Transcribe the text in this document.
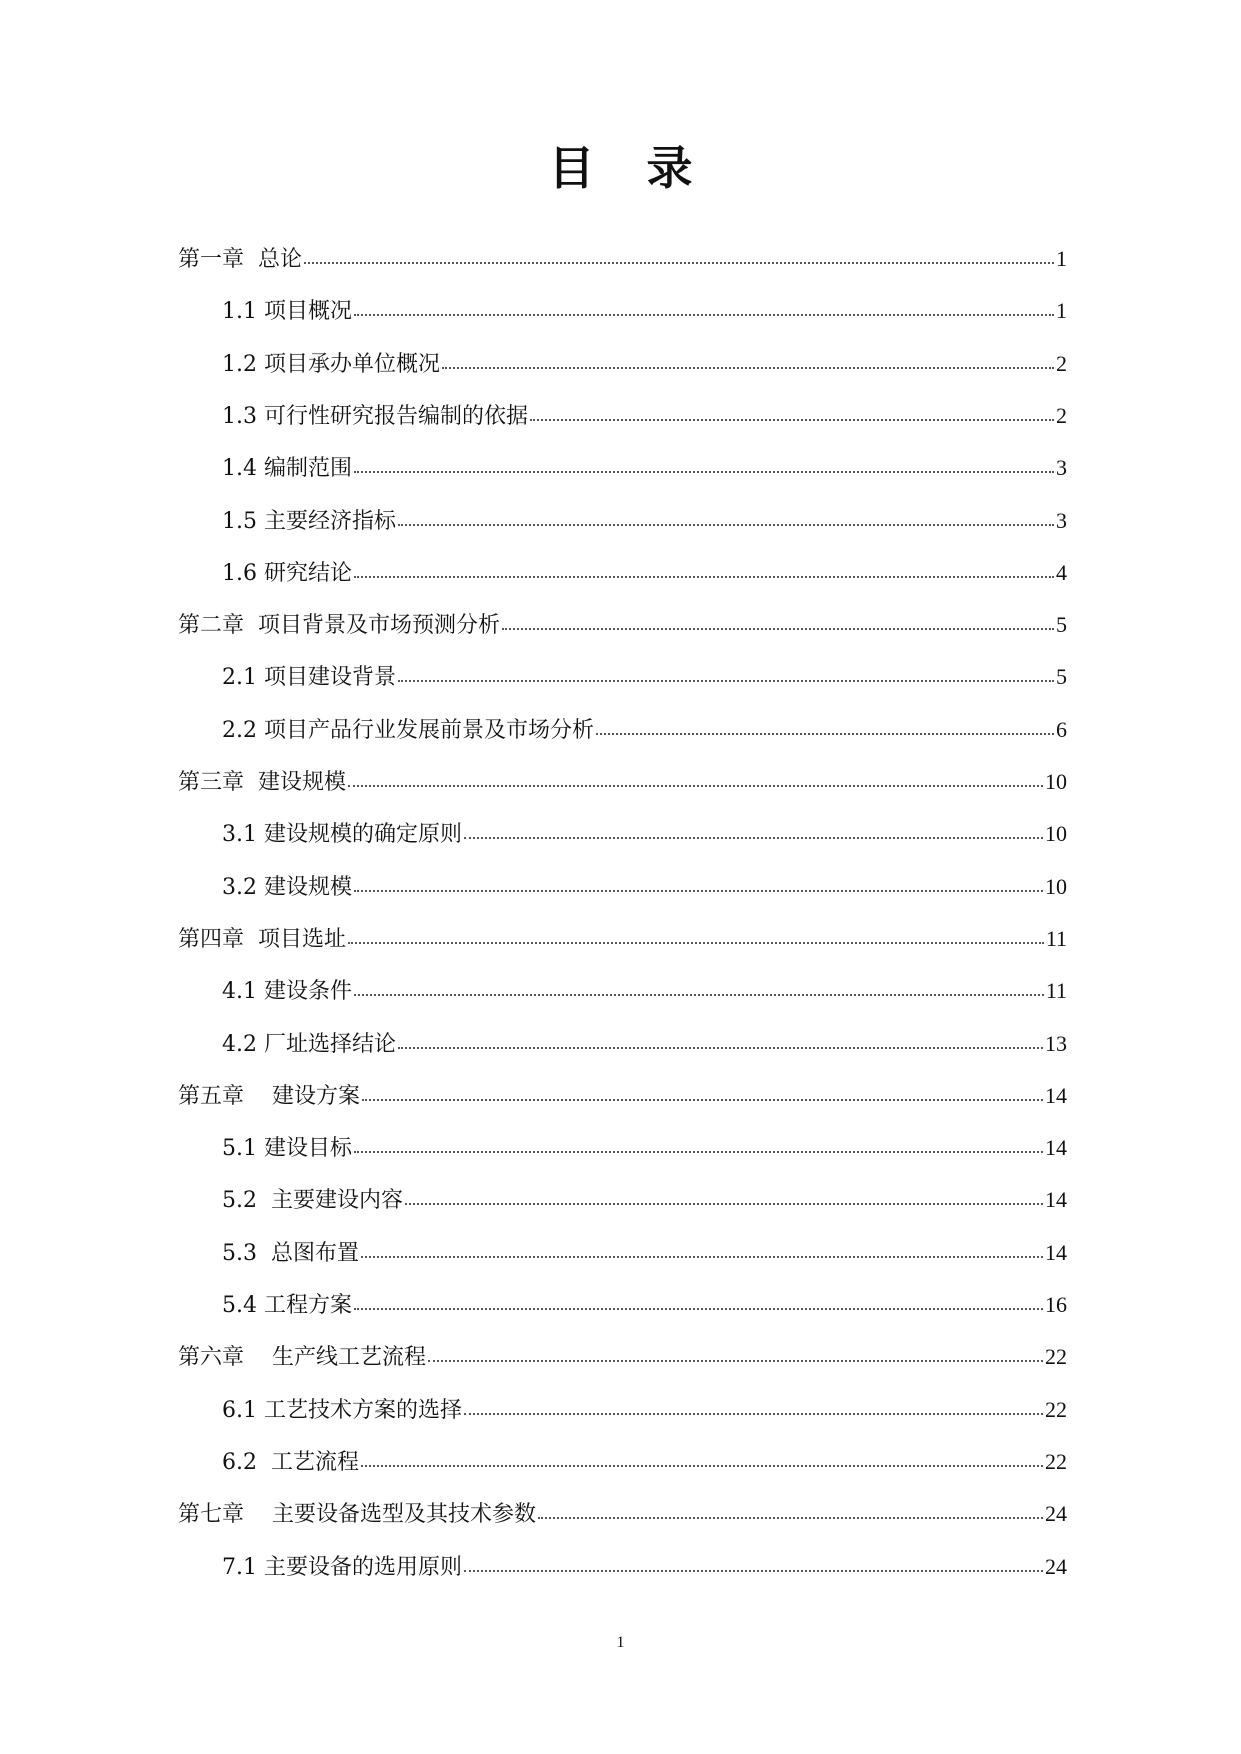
目录
第一章  总论	1
1.1 项目概况	1
1.2 项目承办单位概况	2
1.3 可行性研究报告编制的依据	2
1.4 编制范围	3
1.5 主要经济指标	3
1.6 研究结论	4
第二章  项目背景及市场预测分析	5
2.1 项目建设背景	5
2.2 项目产品行业发展前景及市场分析	6
第三章  建设规模	10
3.1 建设规模的确定原则	10
3.2 建设规模	10
第四章  项目选址	11
4.1 建设条件	11
4.2 厂址选择结论	13
第五章    建设方案	14
5.1 建设目标	14
5.2  主要建设内容	14
5.3  总图布置	14
5.4 工程方案	16
第六章    生产线工艺流程	22
6.1 工艺技术方案的选择	22
6.2  工艺流程	22
第七章    主要设备选型及其技术参数	24
7.1 主要设备的选用原则	24
1
